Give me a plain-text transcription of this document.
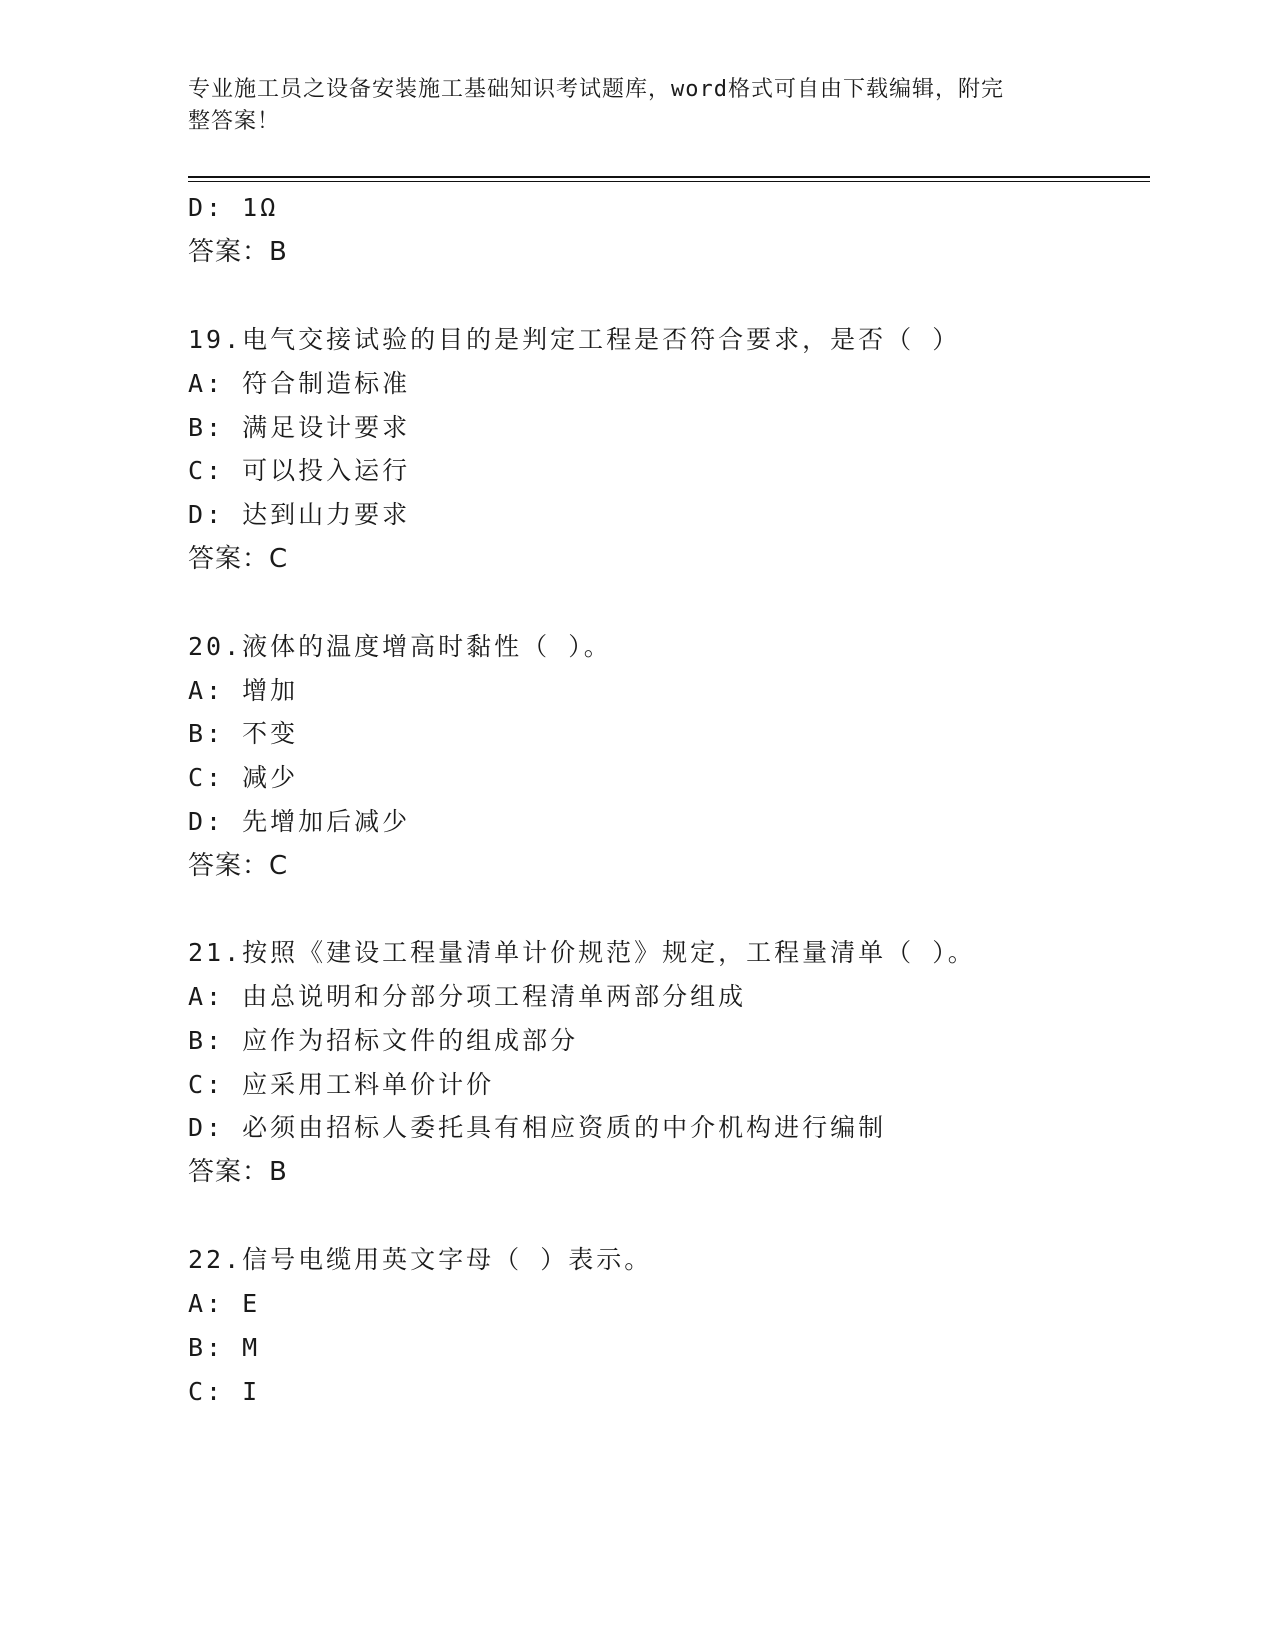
专业施工员之设备安装施工基础知识考试题库，word格式可自由下载编辑，附完
整答案！
D: 1Ω
答案：B
19.电气交接试验的目的是判定工程是否符合要求，是否（ ）
A: 符合制造标准
B: 满足设计要求
C: 可以投入运行
D: 达到山力要求
答案：C
20.液体的温度增高时黏性（ ）。
A: 增加
B: 不变
C: 减少
D: 先增加后减少
答案：C
21.按照《建设工程量清单计价规范》规定，工程量清单（ ）。
A: 由总说明和分部分项工程清单两部分组成
B: 应作为招标文件的组成部分
C: 应采用工料单价计价
D: 必须由招标人委托具有相应资质的中介机构进行编制
答案：B
22.信号电缆用英文字母（ ）表示。
A: E
B: M
C: I
